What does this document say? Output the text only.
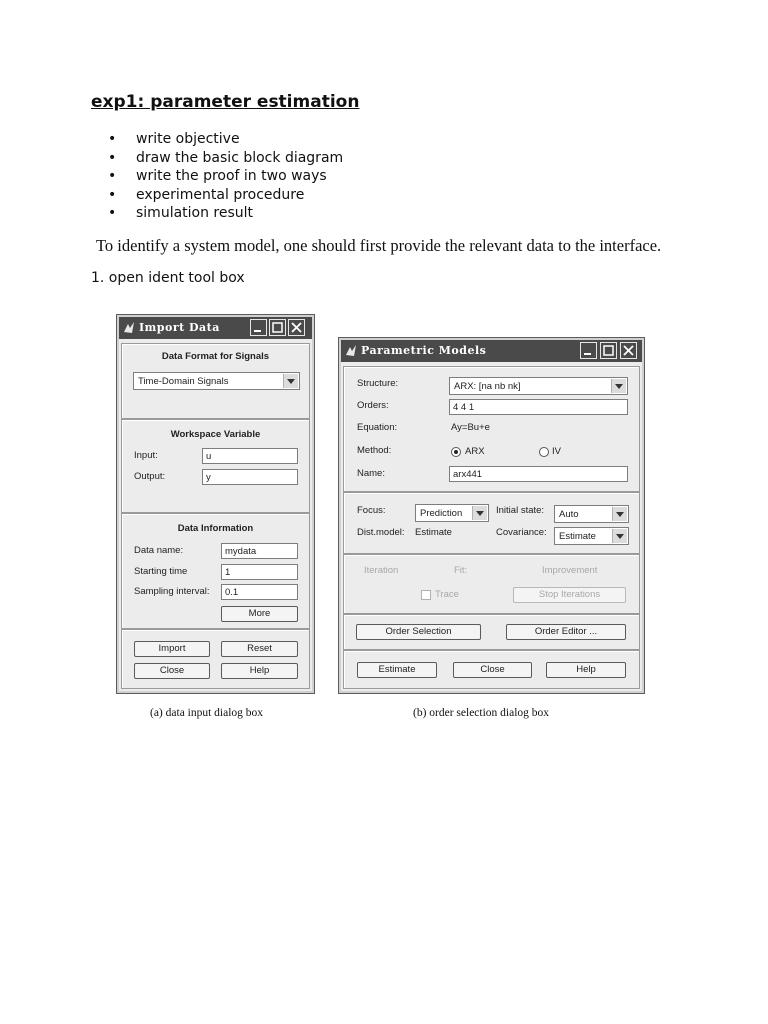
exp1: parameter estimation
• write objective
• draw the basic block diagram
• write the proof in two ways
• experimental procedure
• simulation result
To identify a system model, one should first provide the relevant data to the interface.
1. open ident tool box
Import Data
Data Format for Signals
Time-Domain Signals
Workspace Variable
Input:	u
Output:	y
Data Information
Data name:	mydata
Starting time	1
Sampling interval:	0.1
More
Import	Reset
Close	Help
Parametric Models
Structure:	ARX: [na nb nk]
Orders:	4 4 1
Equation:	Ay=Bu+e
Method:	ARX	IV
Name:	arx441
Focus:	Prediction	Initial state: Auto
Dist.model: Estimate	Covariance: Estimate
Iteration	Fit:	Improvement
Trace	Stop Iterations
Order Selection	Order Editor ...
Estimate	Close	Help
(a) data input dialog box	(b) order selection dialog box
